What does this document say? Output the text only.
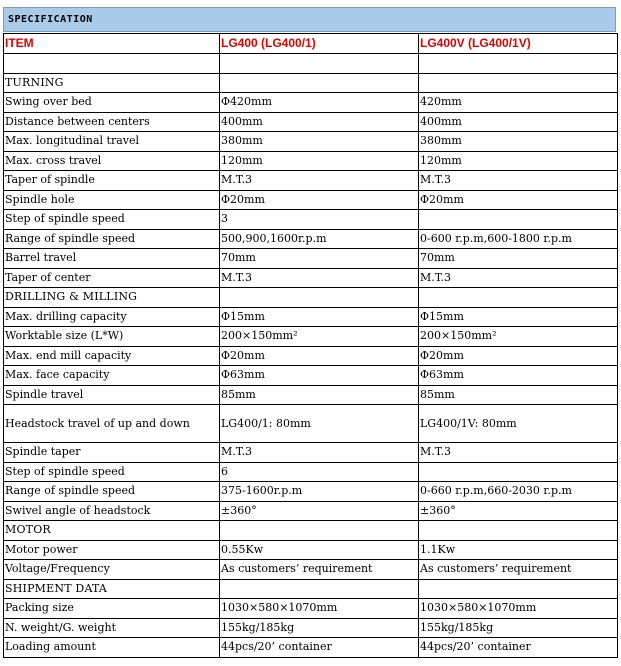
SPECIFICATION
ITEM	LG400 (LG400/1)	LG400V (LG400/1V)

TURNING		
Swing over bed	Φ420mm	420mm
Distance between centers	400mm	400mm
Max. longitudinal travel	380mm	380mm
Max. cross travel	120mm	120mm
Taper of spindle	M.T.3	M.T.3
Spindle hole	Φ20mm	Φ20mm
Step of spindle speed	3	
Range of spindle speed	500,900,1600r.p.m	0-600 r.p.m,600-1800 r.p.m
Barrel travel	70mm	70mm
Taper of center	M.T.3	M.T.3
DRILLING & MILLING		
Max. drilling capacity	Φ15mm	Φ15mm
Worktable size (L*W)	200×150mm²	200×150mm²
Max. end mill capacity	Φ20mm	Φ20mm
Max. face capacity	Φ63mm	Φ63mm
Spindle travel	85mm	85mm
Headstock travel of up and down	LG400/1: 80mm	LG400/1V: 80mm
Spindle taper	M.T.3	M.T.3
Step of spindle speed	6	
Range of spindle speed	375-1600r.p.m	0-660 r.p.m,660-2030 r.p.m
Swivel angle of headstock	±360°	±360°
MOTOR		
Motor power	0.55Kw	1.1Kw
Voltage/Frequency	As customers’ requirement	As customers’ requirement
SHIPMENT DATA		
Packing size	1030×580×1070mm	1030×580×1070mm
N. weight/G. weight	155kg/185kg	155kg/185kg
Loading amount	44pcs/20’ container	44pcs/20’ container
